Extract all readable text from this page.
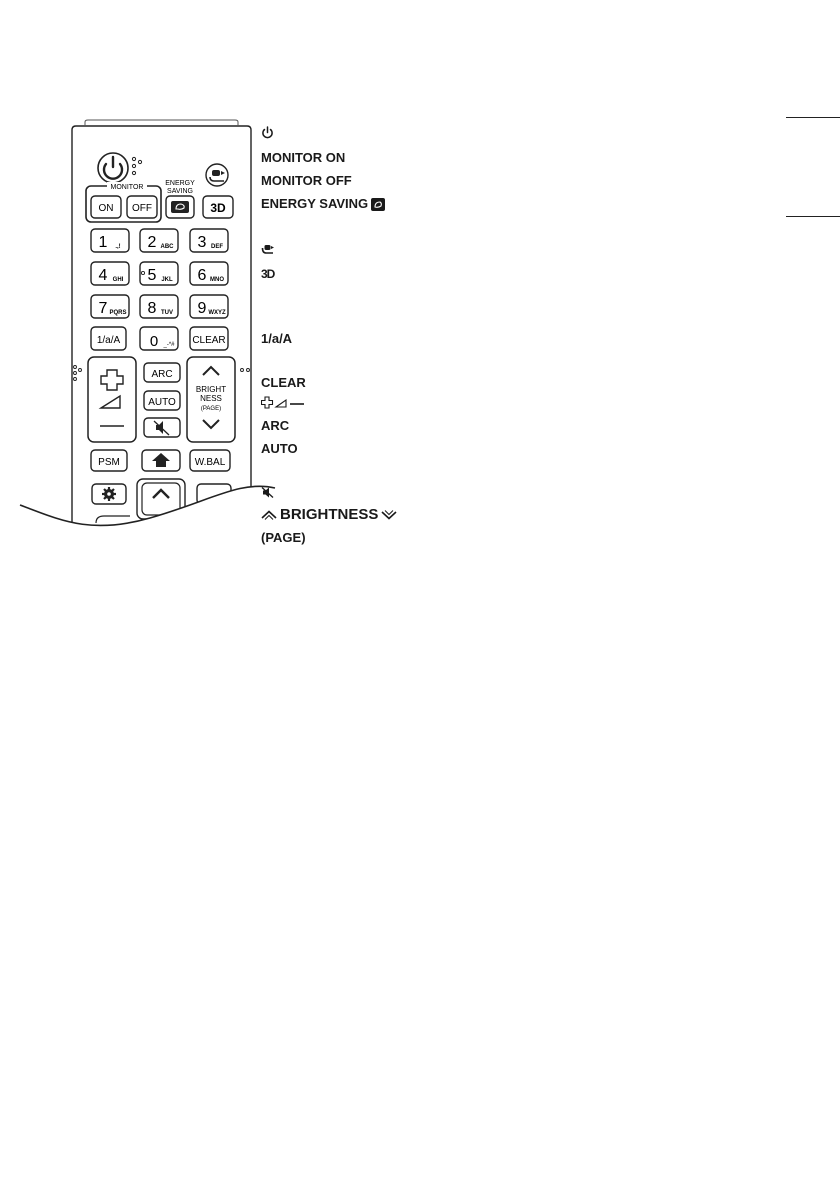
MONITOR
ON OFF
ENERGY
SAVING
3D
1 .,! 2 ABC 3 DEF
4 GHI 5 JKL 6 MNO
7 PQRS 8 TUV 9 WXYZ
1/a/A 0 _-*# CLEAR
ARC
AUTO
BRIGHT
NESS
(PAGE)
PSM	W.BAL
MONITOR ON
MONITOR OFF
ENERGY SAVING
3D
1/a/A
CLEAR
ARC
AUTO
BRIGHTNESS
(PAGE)
